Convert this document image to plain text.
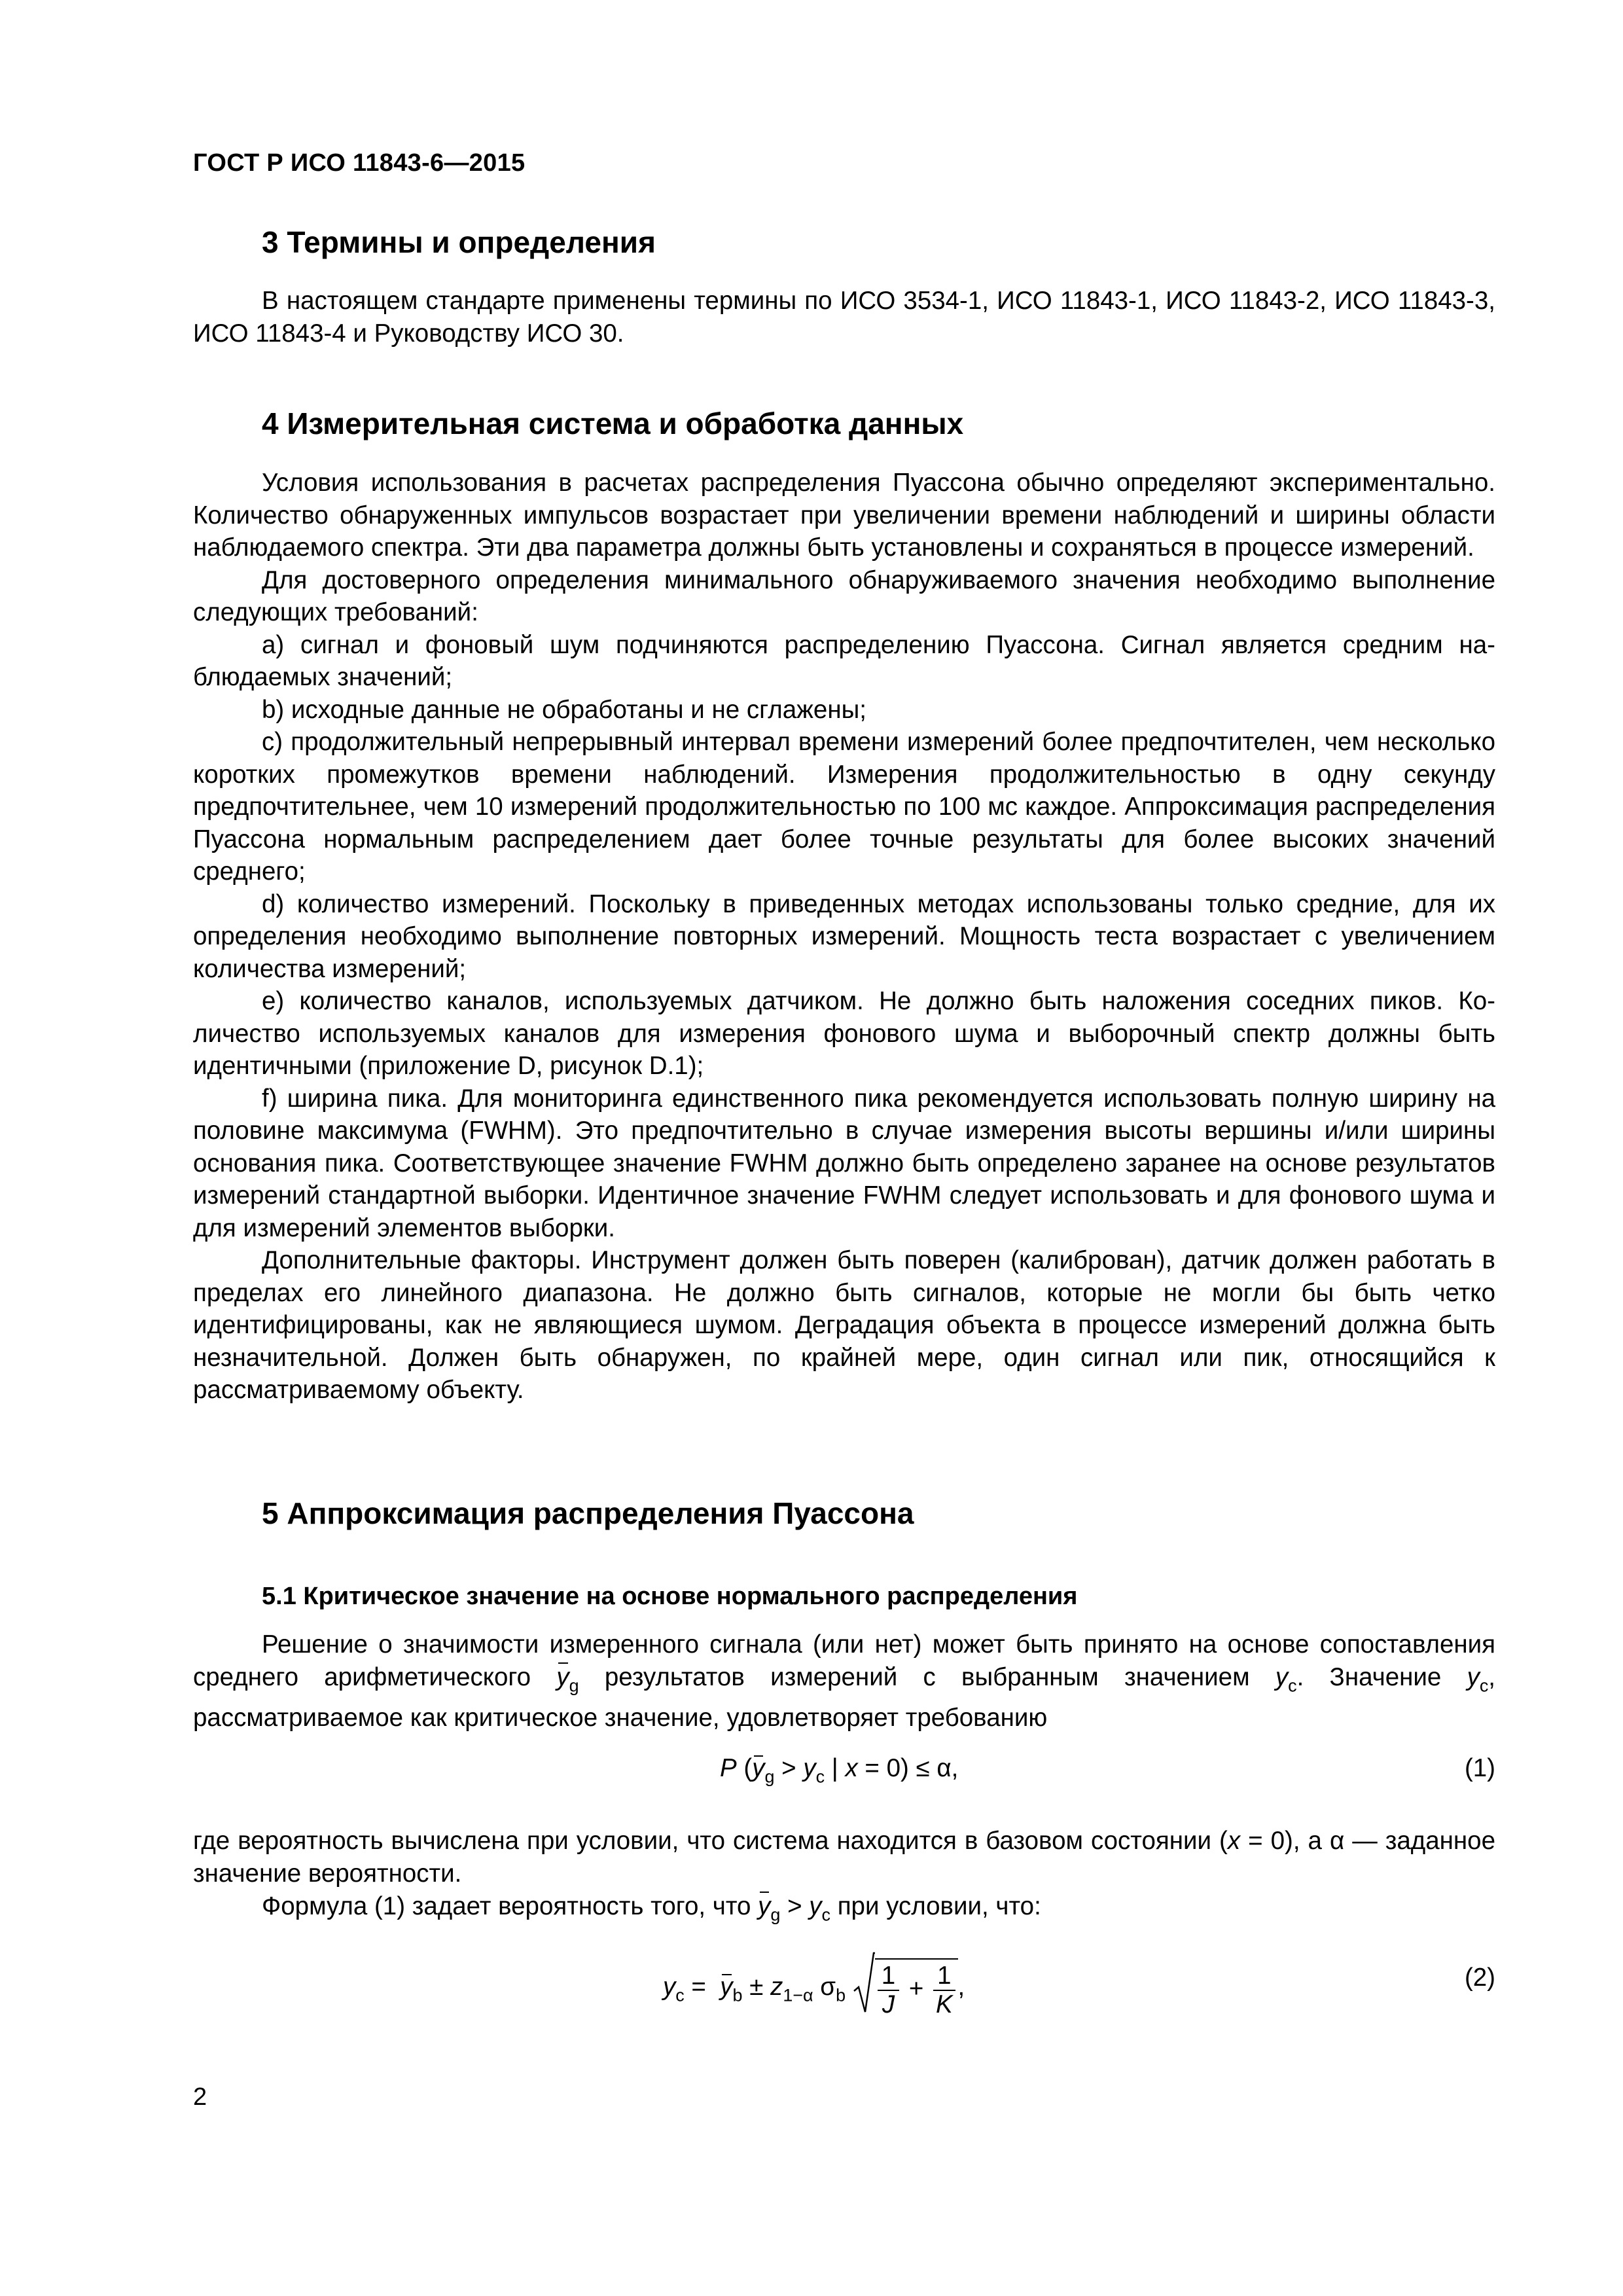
ГОСТ Р ИСО 11843-6—2015
3 Термины и определения
В настоящем стандарте применены термины по ИСО 3534-1, ИСО 11843-1, ИСО 11843-2, ИСО 11843-3, ИСО 11843-4 и Руководству ИСО 30.
4 Измерительная система и обработка данных
Условия использования в расчетах распределения Пуассона обычно определяют экспериментально. Количество обнаруженных импульсов возрастает при увеличении времени наблюдений и ширины области наблюдаемого спектра. Эти два параметра должны быть установлены и сохраняться в процессе измерений.
Для достоверного определения минимального обнаруживаемого значения необходимо выполнение следующих требований:
a) сигнал и фоновый шум подчиняются распределению Пуассона. Сигнал является средним наблюдаемых значений;
b) исходные данные не обработаны и не сглажены;
c) продолжительный непрерывный интервал времени измерений более предпочтителен, чем несколько коротких промежутков времени наблюдений. Измерения продолжительностью в одну секунду предпочтительнее, чем 10 измерений продолжительностью по 100 мс каждое. Аппроксимация распределения Пуассона нормальным распределением дает более точные результаты для более высоких значений среднего;
d) количество измерений. Поскольку в приведенных методах использованы только средние, для их определения необходимо выполнение повторных измерений. Мощность теста возрастает с увеличением количества измерений;
e) количество каналов, используемых датчиком. Не должно быть наложения соседних пиков. Количество используемых каналов для измерения фонового шума и выборочный спектр должны быть идентичными (приложение D, рисунок D.1);
f) ширина пика. Для мониторинга единственного пика рекомендуется использовать полную ширину на половине максимума (FWHM). Это предпочтительно в случае измерения высоты вершины и/или ширины основания пика. Соответствующее значение FWHM должно быть определено заранее на основе результатов измерений стандартной выборки. Идентичное значение FWHM следует использовать и для фонового шума и для измерений элементов выборки.
Дополнительные факторы. Инструмент должен быть поверен (калиброван), датчик должен работать в пределах его линейного диапазона. Не должно быть сигналов, которые не могли бы быть четко идентифицированы, как не являющиеся шумом. Деградация объекта в процессе измерений должна быть незначительной. Должен быть обнаружен, по крайней мере, один сигнал или пик, относящийся к рассматриваемому объекту.
5 Аппроксимация распределения Пуассона
5.1 Критическое значение на основе нормального распределения
Решение о значимости измеренного сигнала (или нет) может быть принято на основе сопоставления среднего арифметического $y_g$ результатов измерений с выбранным значением $y_c$. Значение $y_c$, рассматриваемое как критическое значение, удовлетворяет требованию
P ($y_g > y_c$ | x = 0) ≤ α,	(1)
где вероятность вычислена при условии, что система находится в базовом состоянии (x = 0), а α — заданное значение вероятности.
Формула (1) задает вероятность того, что $y_g > y_c$ при условии, что:
$y_c = y_b \pm z_{1-\alpha}$ $\sigma_b \frac{1}{J} + \frac{1}{K}$ ,	(2)
2
